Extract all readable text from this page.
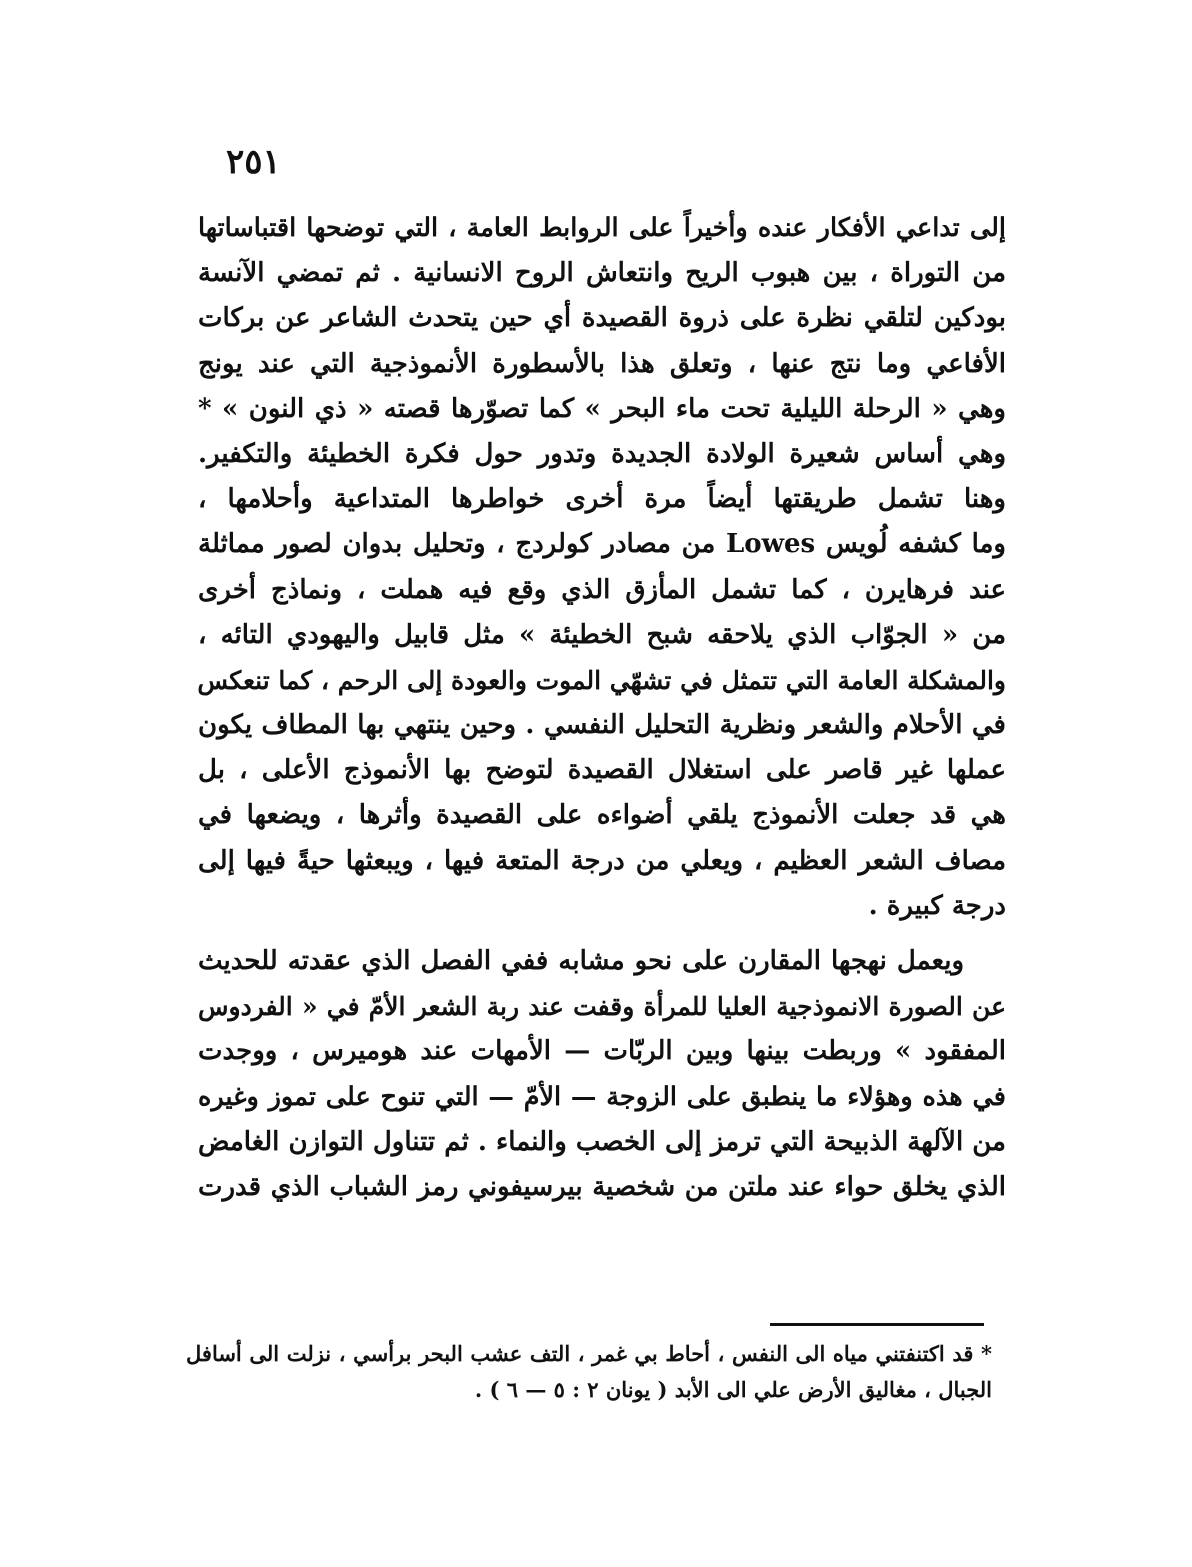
٢٥١
إلى تداعي الأفكار عنده وأخيراً على الروابط العامة ، التي توضحها اقتباساتها
من التوراة ، بين هبوب الريح وانتعاش الروح الانسانية . ثم تمضي الآنسة
بودكين لتلقي نظرة على ذروة القصيدة أي حين يتحدث الشاعر عن بركات
الأفاعي وما نتج عنها ، وتعلق هذا بالأسطورة الأنموذجية التي عند يونج
وهي « الرحلة الليلية تحت ماء البحر » كما تصوّرها قصته « ذي النون » *
وهي أساس شعيرة الولادة الجديدة وتدور حول فكرة الخطيئة والتكفير.
وهنا تشمل طريقتها أيضاً مرة أخرى خواطرها المتداعية وأحلامها ،
وما كشفه لُويس Lowes من مصادر كولردج ، وتحليل بدوان لصور مماثلة
عند فرهايرن ، كما تشمل المأزق الذي وقع فيه هملت ، ونماذج أخرى
من « الجوّاب الذي يلاحقه شبح الخطيئة » مثل قابيل واليهودي التائه ،
والمشكلة العامة التي تتمثل في تشهّي الموت والعودة إلى الرحم ، كما تنعكس
في الأحلام والشعر ونظرية التحليل النفسي . وحين ينتهي بها المطاف يكون
عملها غير قاصر على استغلال القصيدة لتوضح بها الأنموذج الأعلى ، بل
هي قد جعلت الأنموذج يلقي أضواءه على القصيدة وأثرها ، ويضعها في
مصاف الشعر العظيم ، ويعلي من درجة المتعة فيها ، ويبعثها حيةً فيها إلى
درجة كبيرة .
ويعمل نهجها المقارن على نحو مشابه ففي الفصل الذي عقدته للحديث
عن الصورة الانموذجية العليا للمرأة وقفت عند ربة الشعر الأمّ في « الفردوس
المفقود » وربطت بينها وبين الربّات — الأمهات عند هوميرس ، ووجدت
في هذه وهؤلاء ما ينطبق على الزوجة — الأمّ — التي تنوح على تموز وغيره
من الآلهة الذبيحة التي ترمز إلى الخصب والنماء . ثم تتناول التوازن الغامض
الذي يخلق حواء عند ملتن من شخصية بيرسيفوني رمز الشباب الذي قدرت
* قد اكتنفتني مياه الى النفس ، أحاط بي غمر ، التف عشب البحر برأسي ، نزلت الى أسافل
الجبال ، مغاليق الأرض علي الى الأبد ( يونان ٢ : ٥ — ٦ ) .
